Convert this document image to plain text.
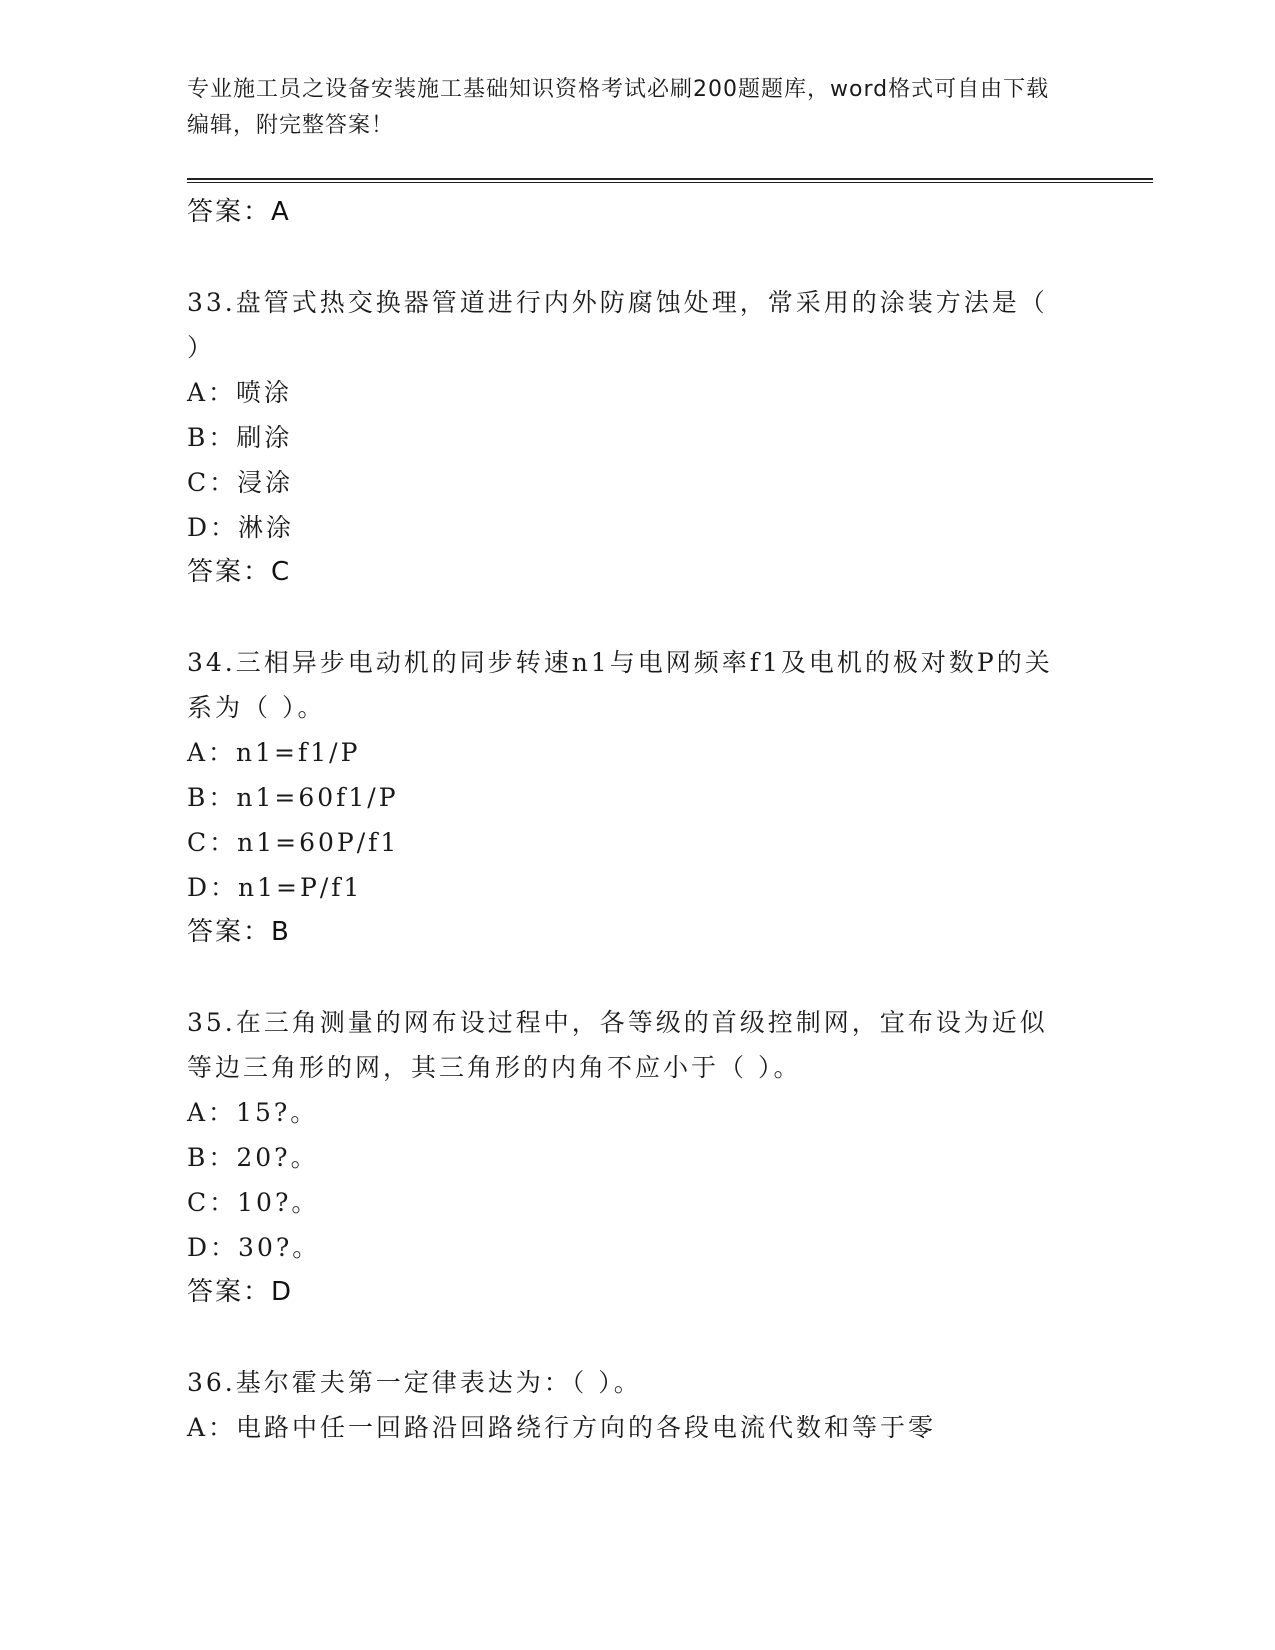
专业施工员之设备安装施工基础知识资格考试必刷200题题库，word格式可自由下载编辑，附完整答案！
答案：A
33.盘管式热交换器管道进行内外防腐蚀处理，常采用的涂装方法是（ ）
A：喷涂
B：刷涂
C：浸涂
D：淋涂
答案：C
34.三相异步电动机的同步转速n1与电网频率f1及电机的极对数P的关系为（ ）。
A：n1=f1/P
B：n1=60f1/P
C：n1=60P/f1
D：n1=P/f1
答案：B
35.在三角测量的网布设过程中，各等级的首级控制网，宜布设为近似等边三角形的网，其三角形的内角不应小于（ ）。
A：15?。
B：20?。
C：10?。
D：30?。
答案：D
36.基尔霍夫第一定律表达为：（ ）。
A：电路中任一回路沿回路绕行方向的各段电流代数和等于零
